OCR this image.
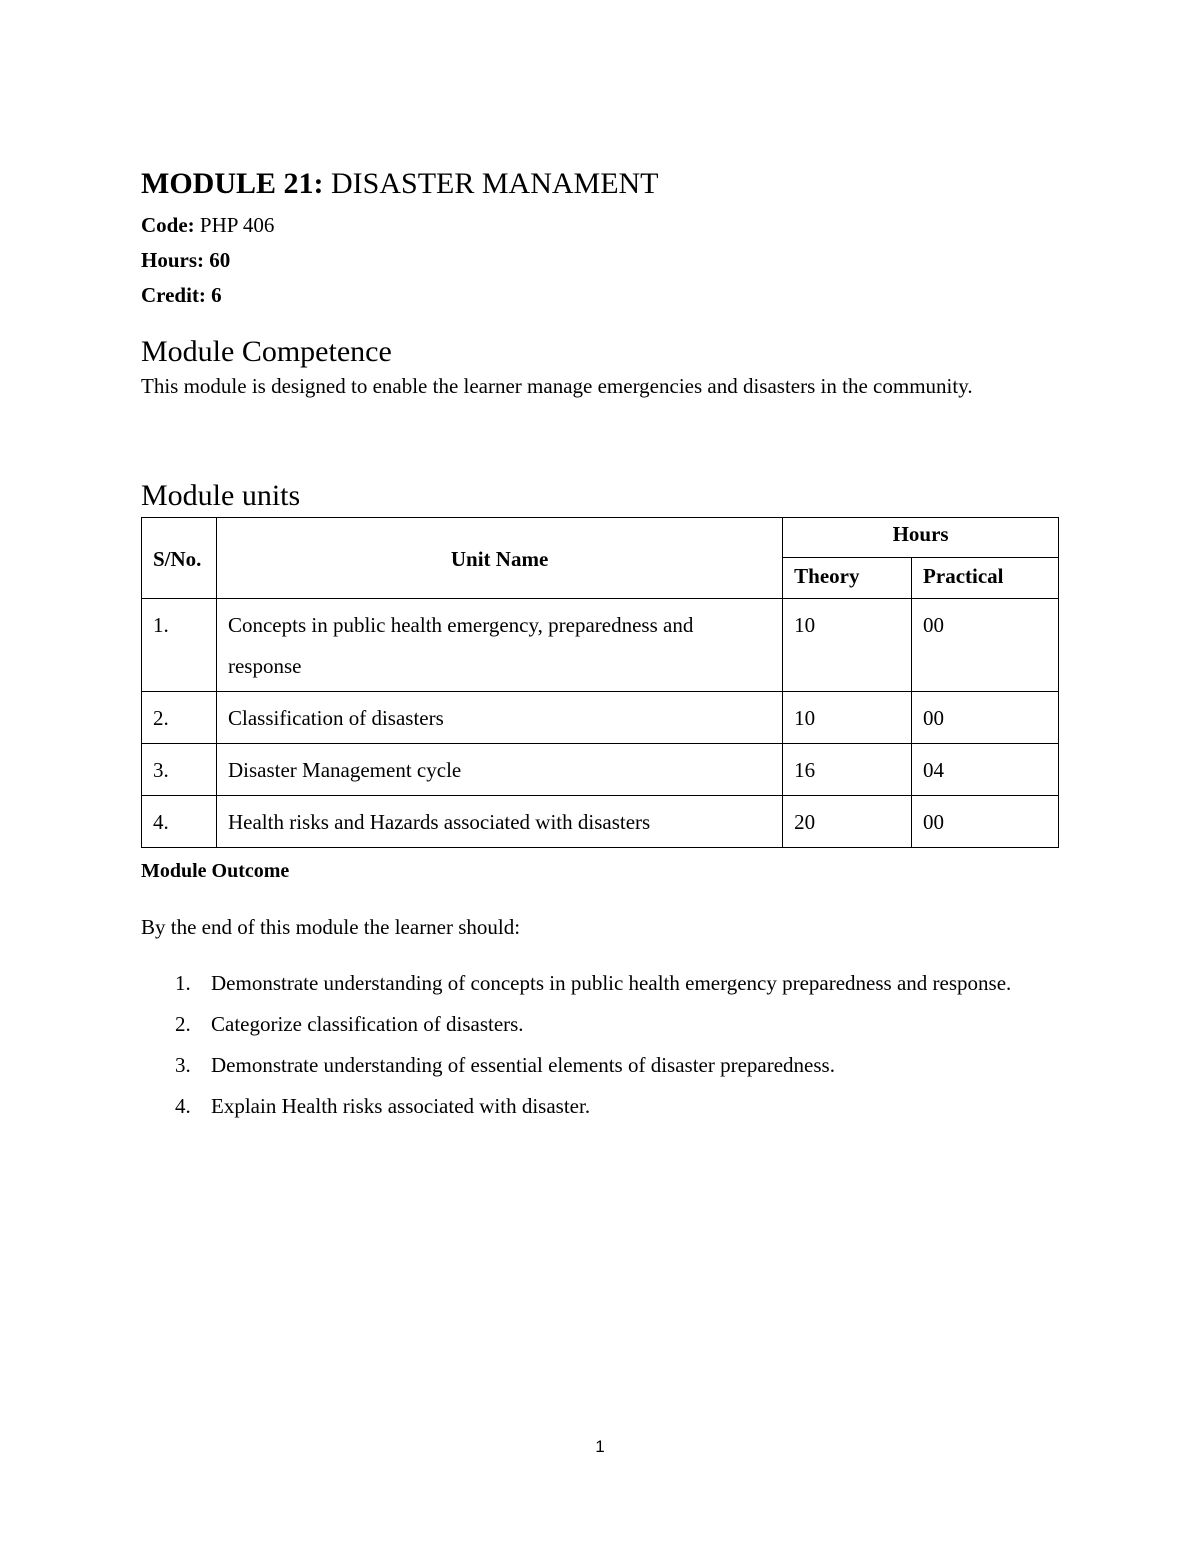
MODULE 21: DISASTER MANAMENT
Code: PHP 406
Hours: 60
Credit: 6
Module Competence
This module is designed to enable the learner manage emergencies and disasters in the community.
Module units
S/No.	Unit Name	Hours	
		Theory	Practical
1.	Concepts in public health emergency, preparedness and response	10	00
2.	Classification of disasters	10	00
3.	Disaster Management cycle	16	04
4.	Health risks and Hazards associated with disasters	20	00
Module Outcome
By the end of this module the learner should:
1. Demonstrate understanding of concepts in public health emergency preparedness and response.
2. Categorize classification of disasters.
3. Demonstrate understanding of essential elements of disaster preparedness.
4. Explain Health risks associated with disaster.
1
